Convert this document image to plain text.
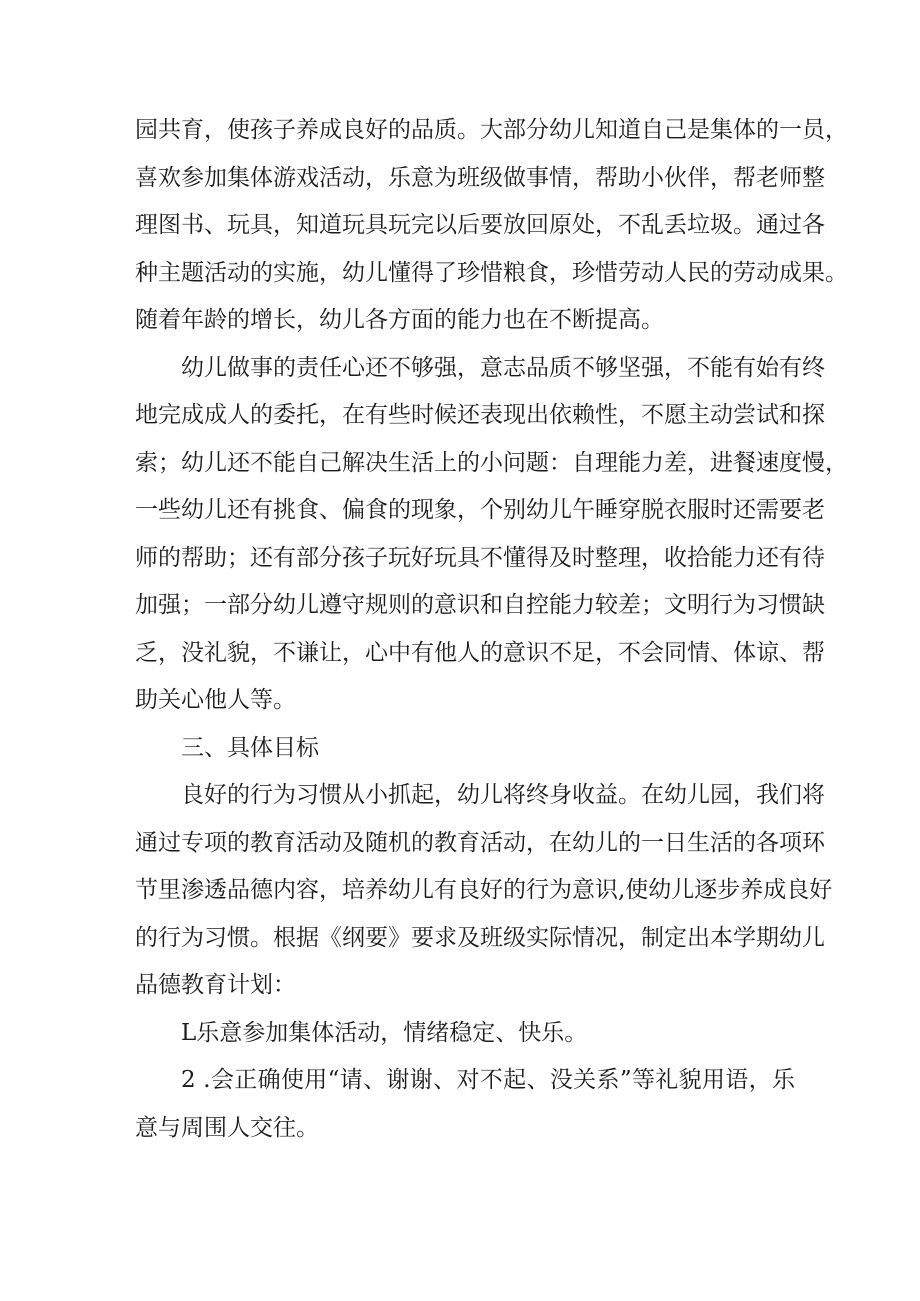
园共育，使孩子养成良好的品质。大部分幼儿知道自己是集体的一员，
喜欢参加集体游戏活动，乐意为班级做事情，帮助小伙伴，帮老师整
理图书、玩具，知道玩具玩完以后要放回原处，不乱丢垃圾。通过各
种主题活动的实施，幼儿懂得了珍惜粮食，珍惜劳动人民的劳动成果。
随着年龄的增长，幼儿各方面的能力也在不断提高。
幼儿做事的责任心还不够强，意志品质不够坚强，不能有始有终
地完成成人的委托，在有些时候还表现出依赖性，不愿主动尝试和探
索；幼儿还不能自己解决生活上的小问题：自理能力差，进餐速度慢，
一些幼儿还有挑食、偏食的现象，个别幼儿午睡穿脱衣服时还需要老
师的帮助；还有部分孩子玩好玩具不懂得及时整理，收拾能力还有待
加强；一部分幼儿遵守规则的意识和自控能力较差；文明行为习惯缺
乏，没礼貌，不谦让，心中有他人的意识不足，不会同情、体谅、帮
助关心他人等。
三、具体目标
良好的行为习惯从小抓起，幼儿将终身收益。在幼儿园，我们将
通过专项的教育活动及随机的教育活动，在幼儿的一日生活的各项环
节里渗透品德内容，培养幼儿有良好的行为意识,使幼儿逐步养成良好
的行为习惯。根据《纲要》要求及班级实际情况，制定出本学期幼儿
品德教育计划：
L乐意参加集体活动，情绪稳定、快乐。
2 .会正确使用“请、谢谢、对不起、没关系”等礼貌用语，乐
意与周围人交往。
